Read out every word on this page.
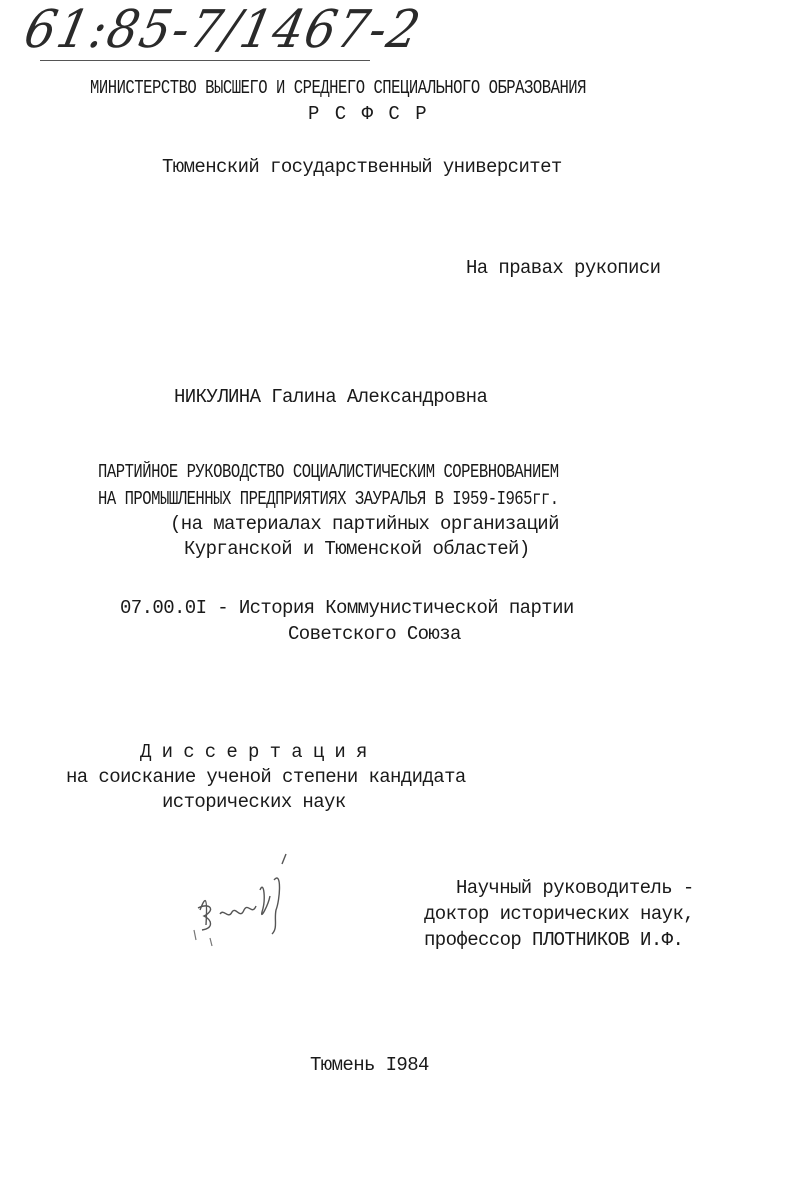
61:85-7/1467-2
МИНИСТЕРСТВО ВЫСШЕГО И СРЕДНЕГО СПЕЦИАЛЬНОГО ОБРАЗОВАНИЯ
Р С Ф С Р
Тюменский государственный университет
На правах рукописи
НИКУЛИНА Галина Александровна
ПАРТИЙНОЕ РУКОВОДСТВО СОЦИАЛИСТИЧЕСКИМ СОРЕВНОВАНИЕМ
НА ПРОМЫШЛЕННЫХ ПРЕДПРИЯТИЯХ ЗАУРАЛЬЯ В I959-I965гг.
(на материалах партийных организаций
Курганской и Тюменской областей)
07.00.0I - История Коммунистической партии
Советского Союза
Д и с с е р т а ц и я
на соискание ученой степени кандидата
исторических наук
Научный руководитель -
доктор исторических наук,
профессор ПЛОТНИКОВ И.Ф.
Тюмень I984
